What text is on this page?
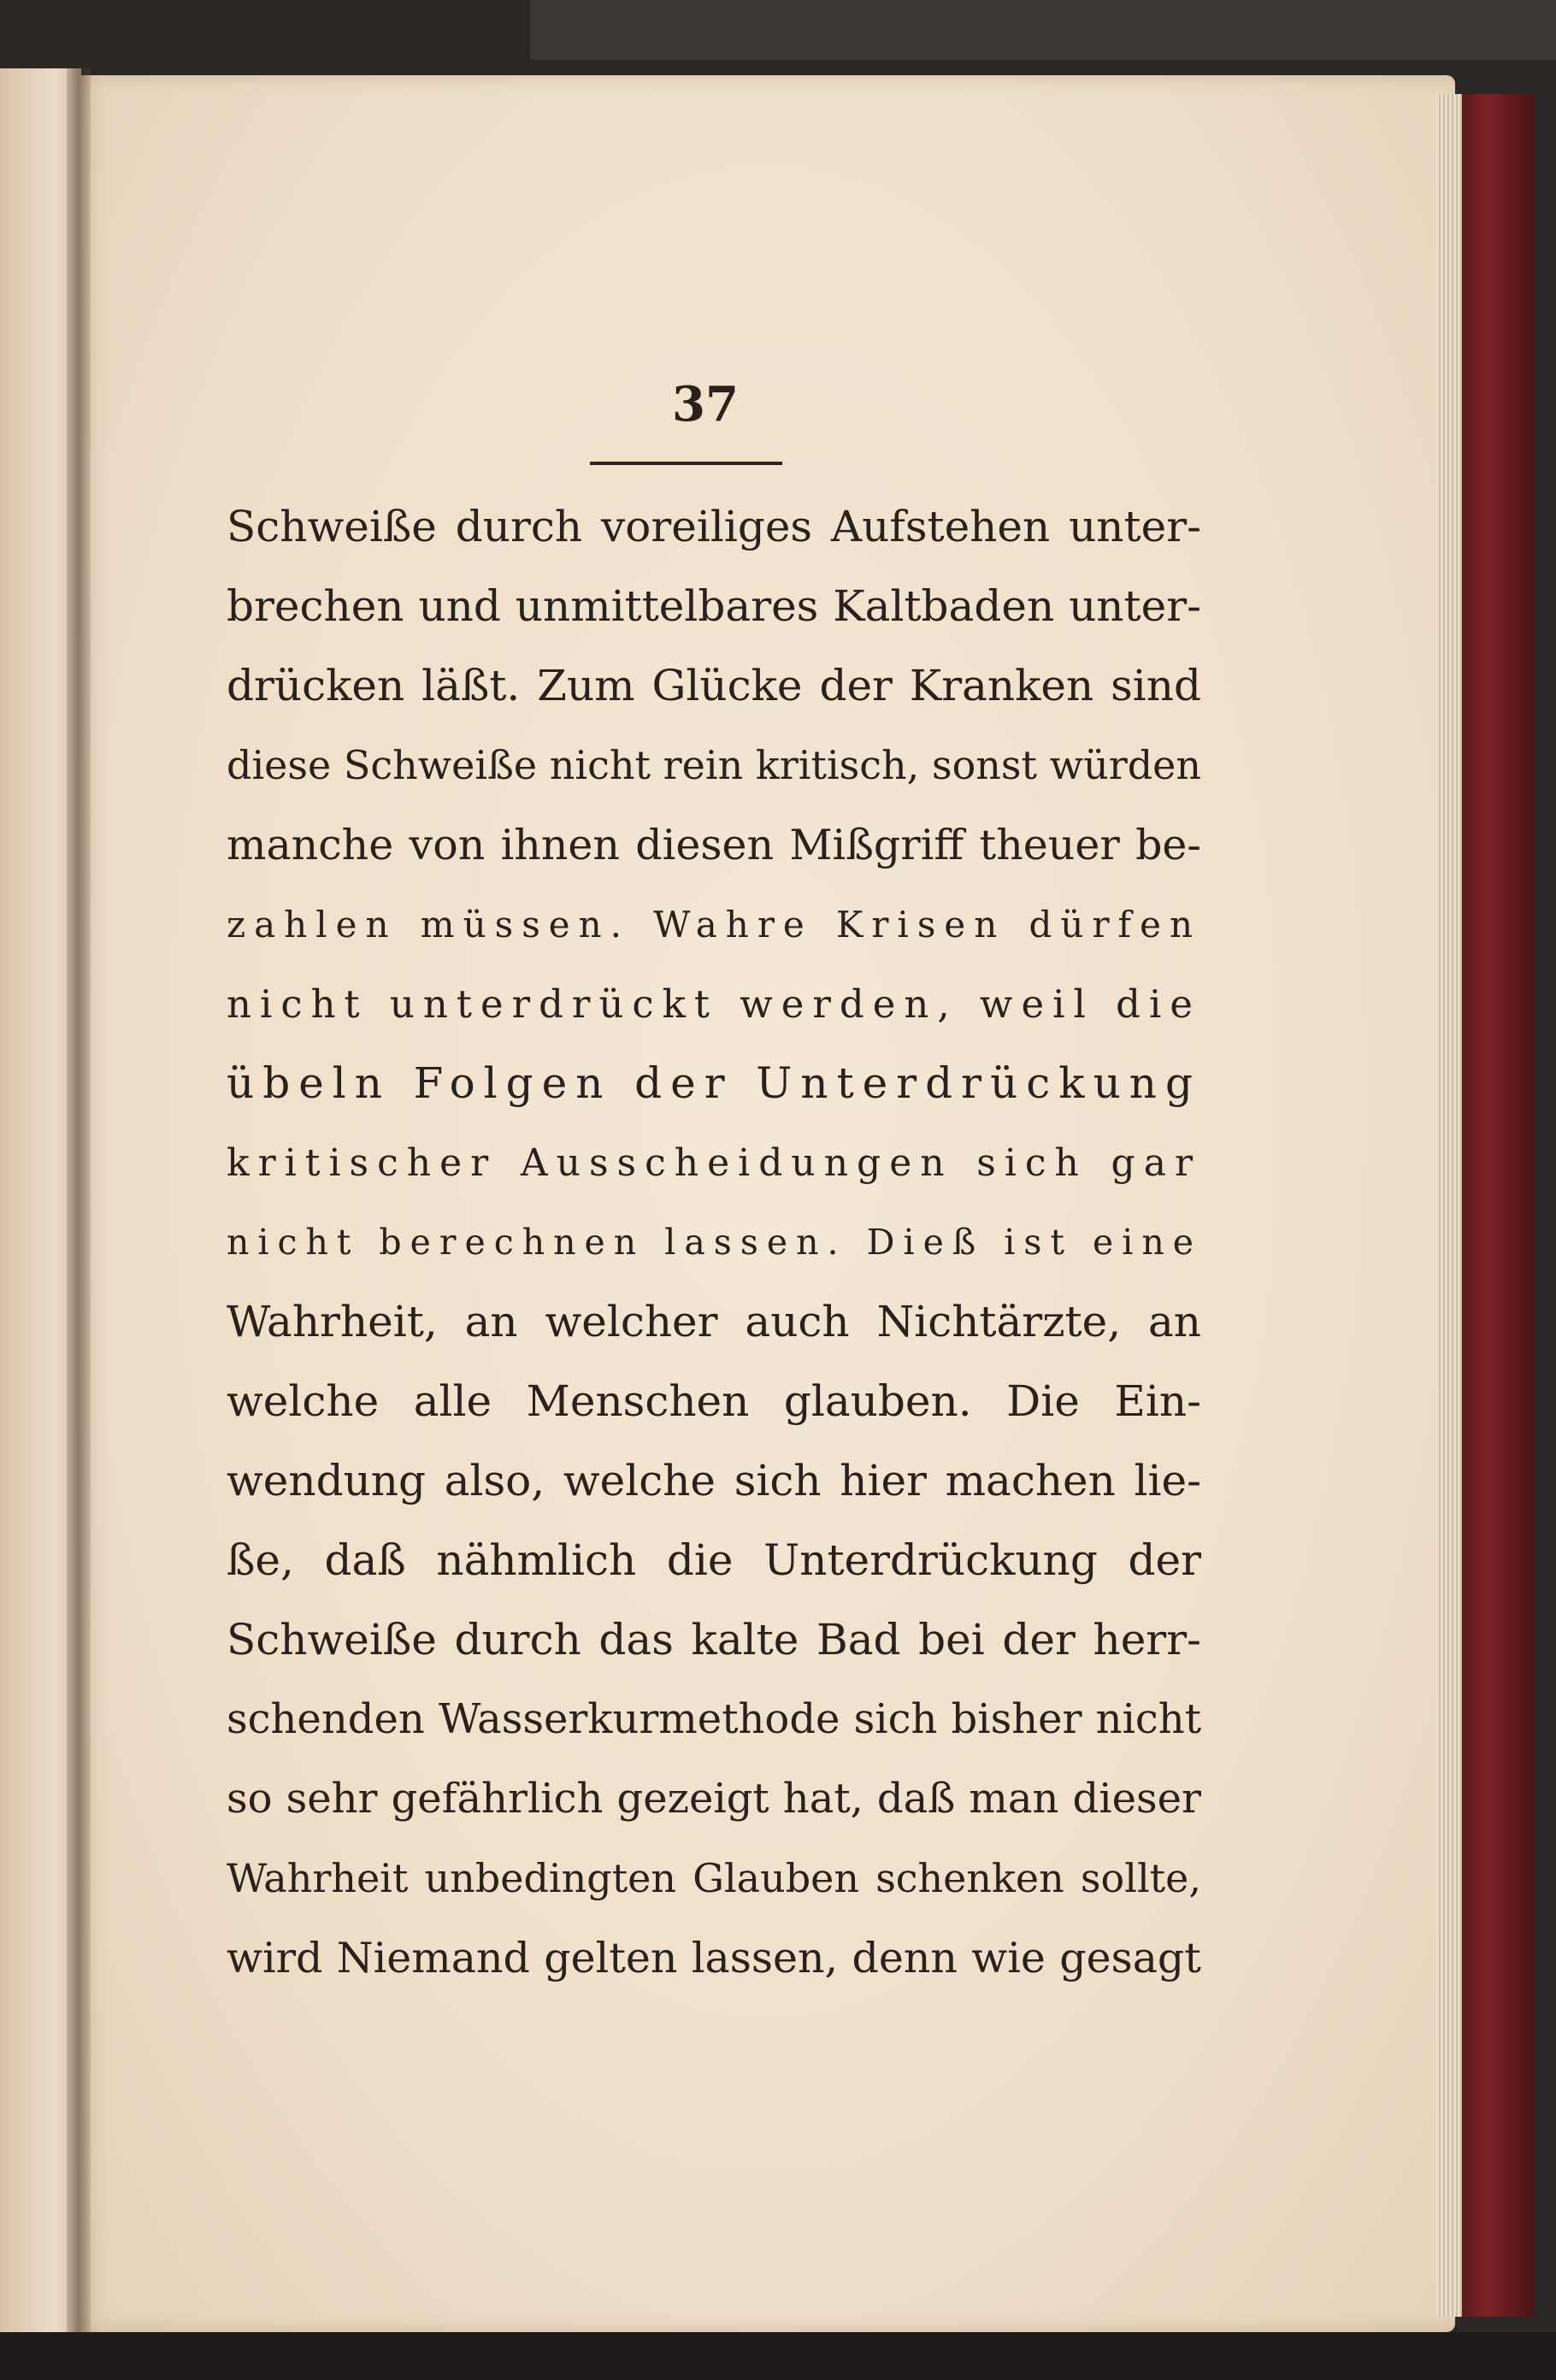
37
Schweiße durch voreiliges Aufstehen unter-
brechen und unmittelbares Kaltbaden unter-
drücken läßt. Zum Glücke der Kranken sind
diese Schweiße nicht rein kritisch, sonst würden
manche von ihnen diesen Mißgriff theuer be-
zahlen müssen. Wahre Krisen dürfen
nicht unterdrückt werden, weil die
übeln Folgen der Unterdrückung
kritischer Ausscheidungen sich gar
nicht berechnen lassen. Dieß ist eine
Wahrheit, an welcher auch Nichtärzte, an
welche alle Menschen glauben. Die Ein-
wendung also, welche sich hier machen lie-
ße, daß nähmlich die Unterdrückung der
Schweiße durch das kalte Bad bei der herr-
schenden Wasserkurmethode sich bisher nicht
so sehr gefährlich gezeigt hat, daß man dieser
Wahrheit unbedingten Glauben schenken sollte,
wird Niemand gelten lassen, denn wie gesagt
